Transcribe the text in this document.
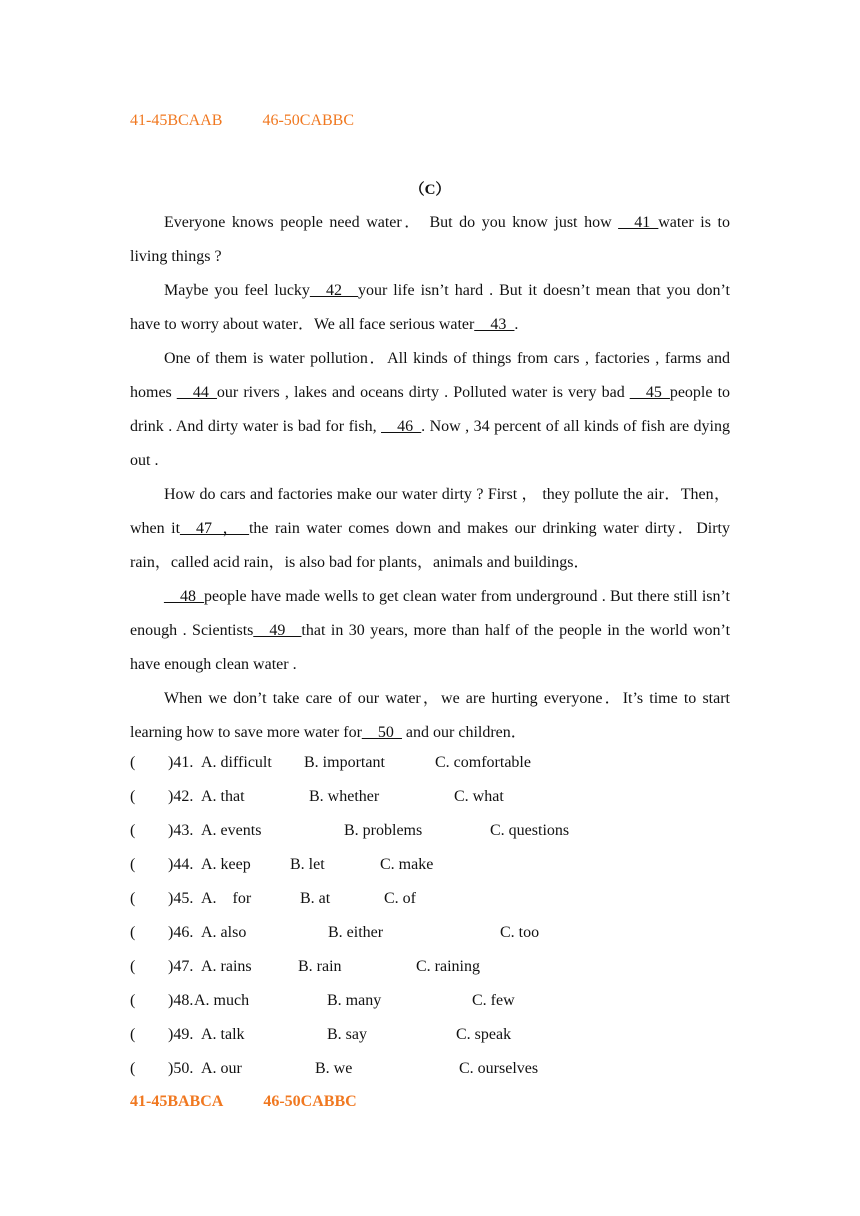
41-45BCAAB	46-50CABBC
（C）

Everyone knows people need water． But do you know just how __41_water is to living things ?

Maybe you feel lucky__42__your life isn’t hard . But it doesn’t mean that you don’t have to worry about water．We all face serious water__43_.

One of them is water pollution．All kinds of things from cars , factories , farms and homes __44_our rivers , lakes and oceans dirty . Polluted water is very bad __45_people to drink . And dirty water is bad for fish, __46_. Now , 34 percent of all kinds of fish are dying out .

How do cars and factories make our water dirty ? First ， they pollute the air．Then，when it__47_，_the rain water comes down and makes our drinking water dirty．Dirty rain，called acid rain，is also bad for plants，animals and buildings．

__48_people have made wells to get clean water from underground . But there still isn’t enough . Scientists__49__that in 30 years, more than half of the people in the world won’t have enough clean water .

When we don’t take care of our water，we are hurting everyone．It’s time to start learning how to save more water for__50_ and our children．

( )41. A. difficult B. important	C. comfortable
( )42. A. that	B. whether	C. what
( )43. A. events	B. problems	C. questions
( )44. A. keep B. let	C. make
( )45. A.    for	B. at	C. of
( )46. A. also	B. either	C. too
( )47. A. rains	B. rain	C. raining
( )48. A. much	B. many	C. few
( )49. A. talk	B. say	C. speak
( )50. A. our	B. we	C. ourselves
41-45BABCA	46-50CABBC
